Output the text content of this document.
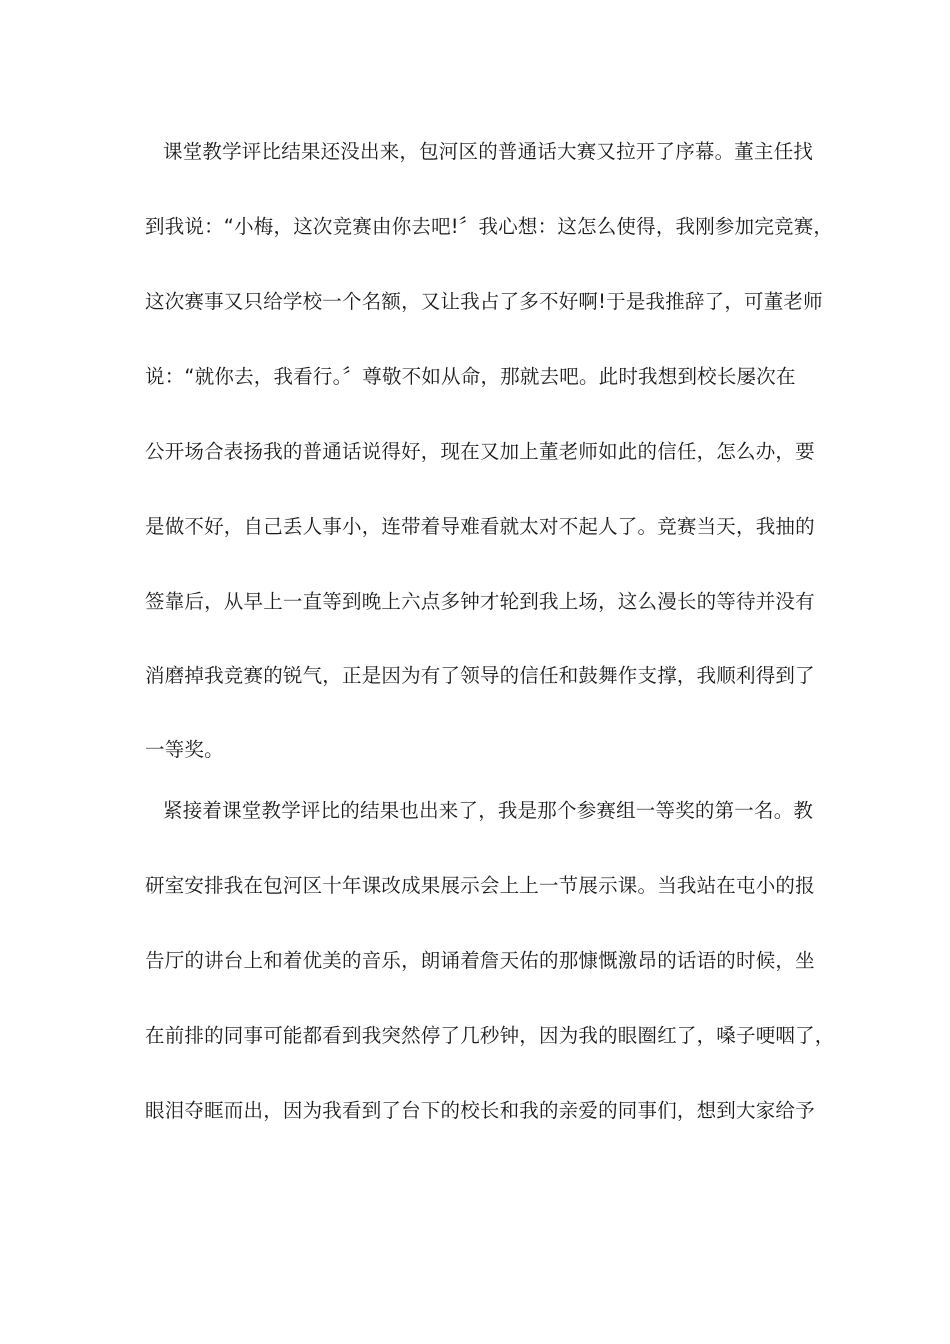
课堂教学评比结果还没出来，包河区的普通话大赛又拉开了序幕。董主任找
到我说：“小梅，这次竞赛由你去吧!〞我心想：这怎么使得，我刚参加完竞赛，
这次赛事又只给学校一个名额，又让我占了多不好啊!于是我推辞了，可董老师
说：“就你去，我看行。〞尊敬不如从命，那就去吧。此时我想到校长屡次在
公开场合表扬我的普通话说得好，现在又加上董老师如此的信任，怎么办，要
是做不好，自己丢人事小，连带着导难看就太对不起人了。竞赛当天，我抽的
签靠后，从早上一直等到晚上六点多钟才轮到我上场，这么漫长的等待并没有
消磨掉我竞赛的锐气，正是因为有了领导的信任和鼓舞作支撑，我顺利得到了
一等奖。
紧接着课堂教学评比的结果也出来了，我是那个参赛组一等奖的第一名。教
研室安排我在包河区十年课改成果展示会上上一节展示课。当我站在屯小的报
告厅的讲台上和着优美的音乐，朗诵着詹天佑的那慷慨激昂的话语的时候，坐
在前排的同事可能都看到我突然停了几秒钟，因为我的眼圈红了，嗓子哽咽了，
眼泪夺眶而出，因为我看到了台下的校长和我的亲爱的同事们，想到大家给予
